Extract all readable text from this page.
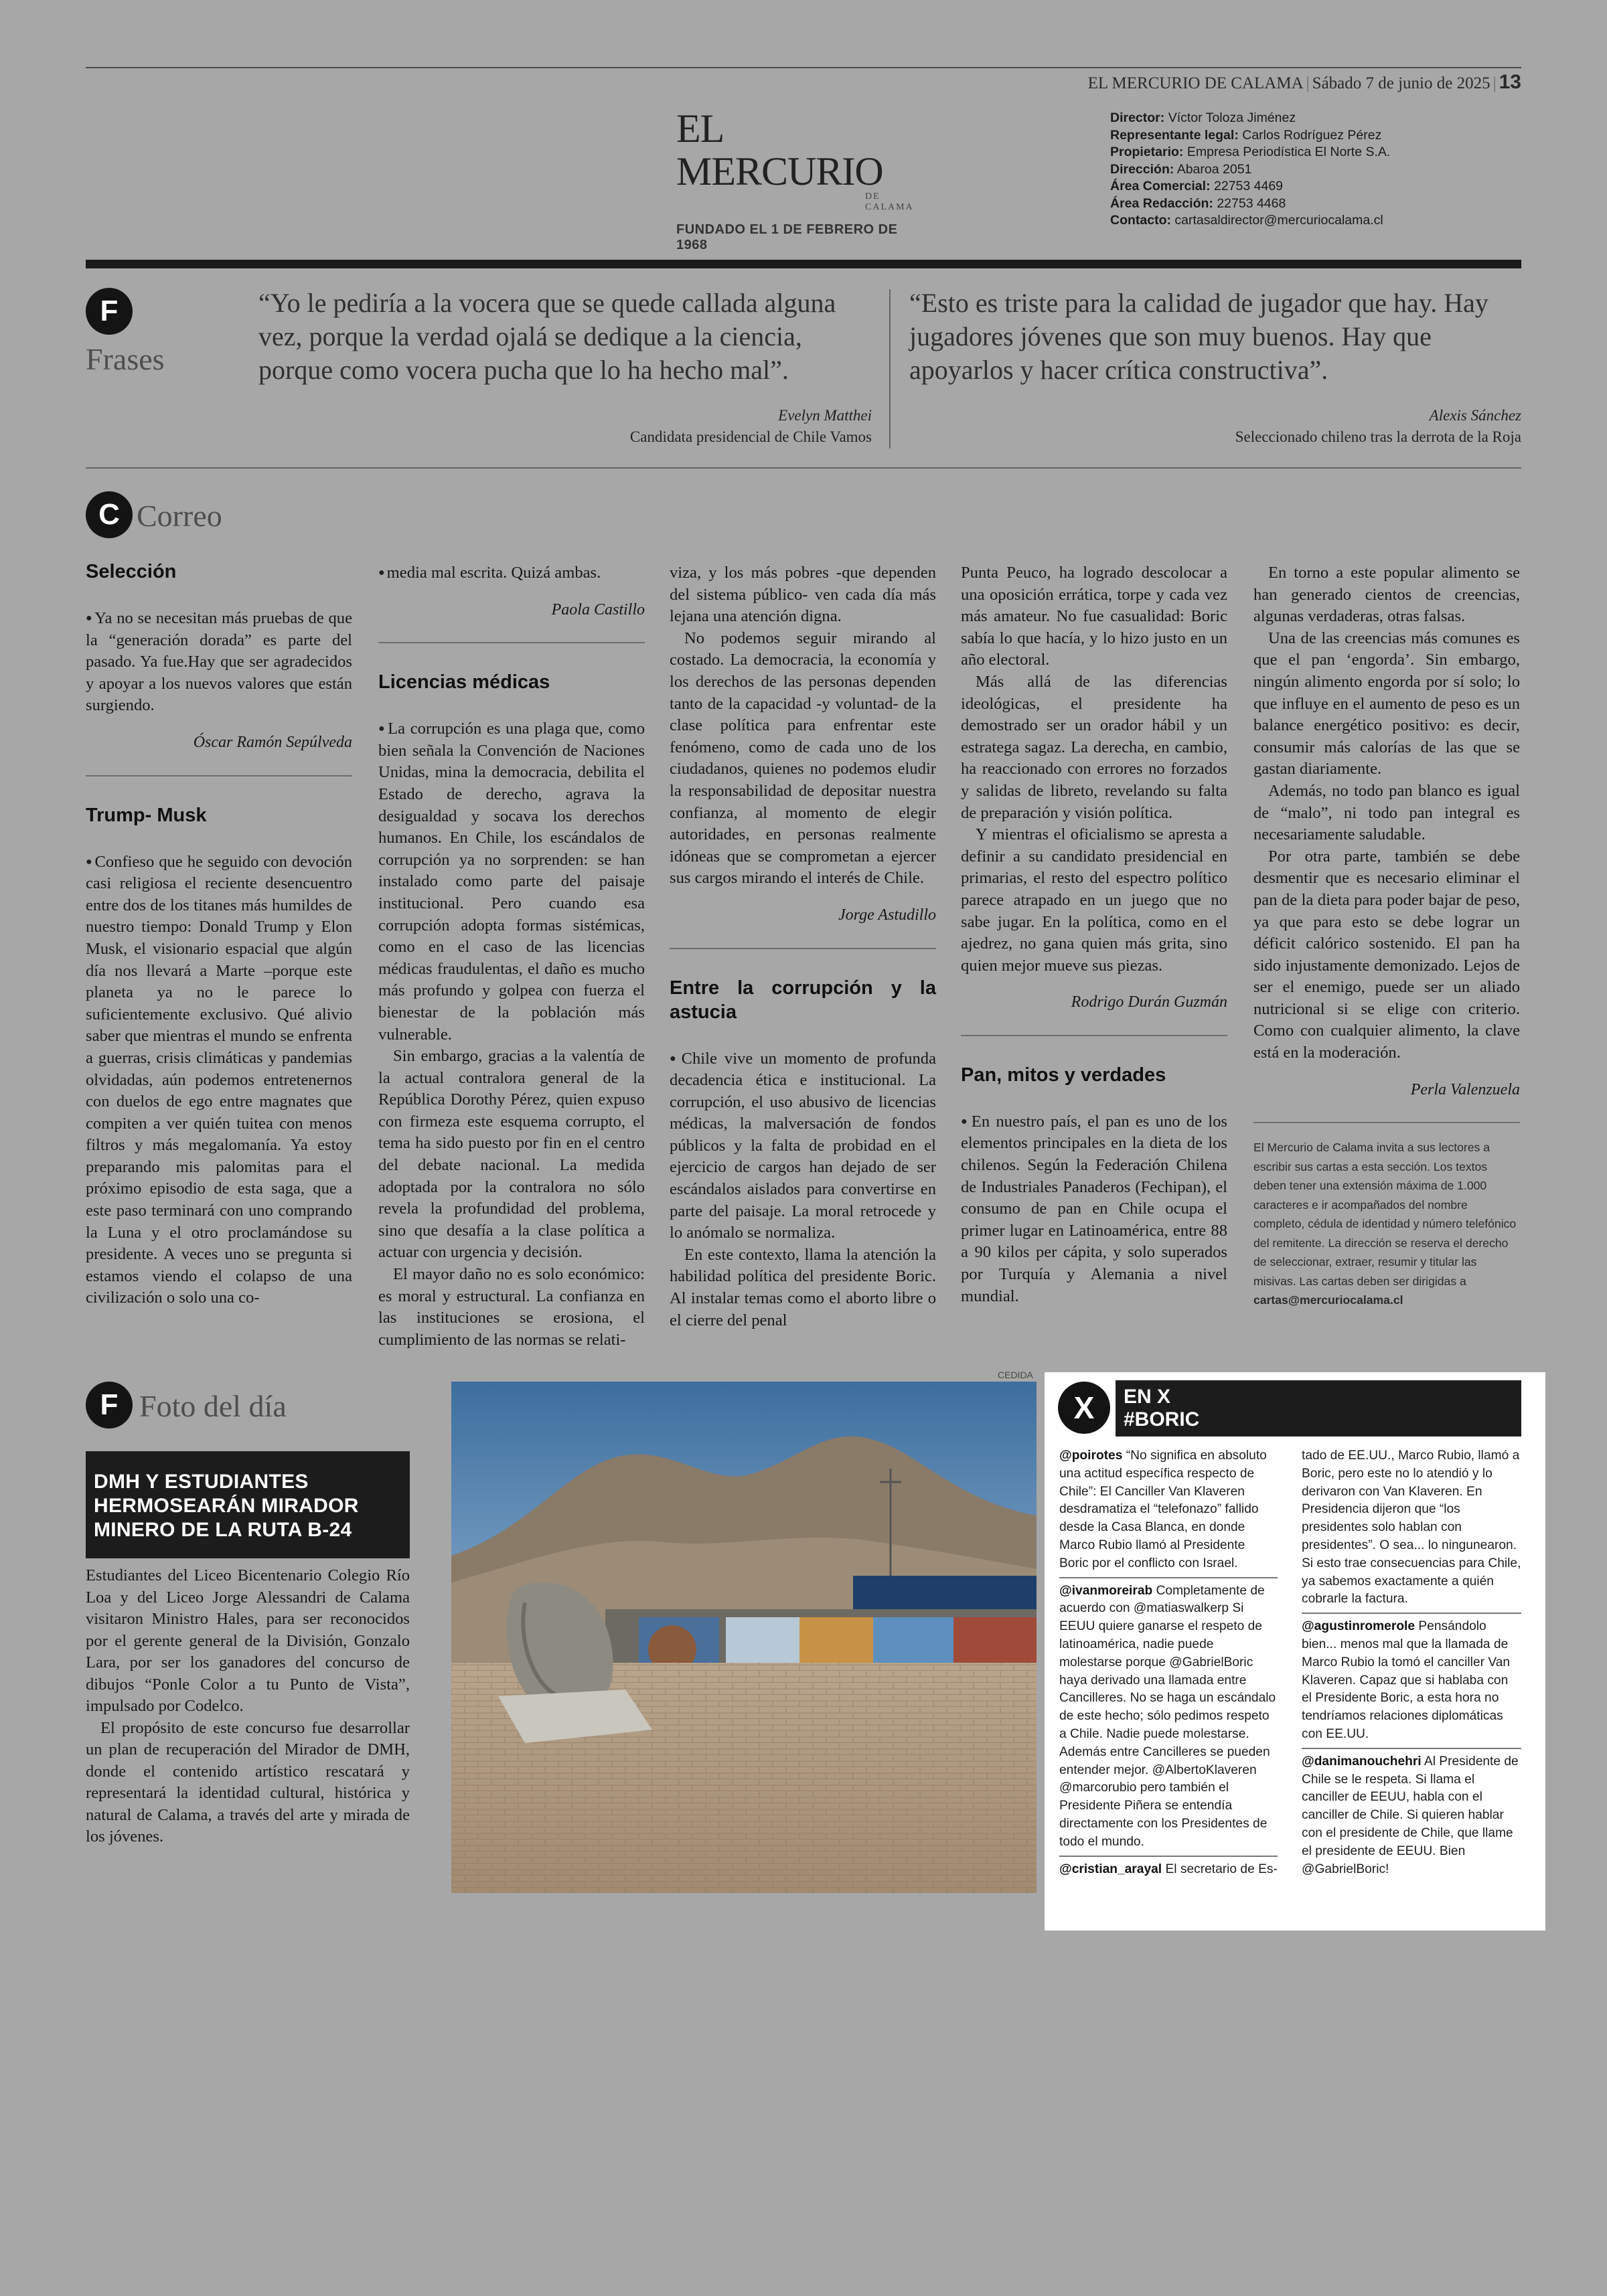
EL MERCURIO DE CALAMA | Sábado 7 de junio de 2025 | 13
EL MERCURIO
DE CALAMA
FUNDADO EL 1 DE FEBRERO DE 1968
Director: Víctor Toloza Jiménez
Representante legal: Carlos Rodríguez Pérez
Propietario: Empresa Periodística El Norte S.A.
Dirección: Abaroa 2051
Área Comercial: 22753 4469
Área Redacción: 22753 4468
Contacto: cartasaldirector@mercuriocalama.cl
F
Frases
“Yo le pediría a la vocera que se quede callada alguna vez, porque la verdad ojalá se dedique a la ciencia, porque como vocera pucha que lo ha hecho mal”.
Evelyn Matthei
Candidata presidencial de Chile Vamos
“Esto es triste para la calidad de jugador que hay. Hay jugadores jóvenes que son muy buenos. Hay que apoyarlos y hacer crítica constructiva”.
Alexis Sánchez
Seleccionado chileno tras la derrota de la Roja
C Correo
Selección

● Ya no se necesitan más pruebas de que la “generación dorada” es parte del pasado. Ya fue.Hay que ser agradecidos y apoyar a los nuevos valores que están surgiendo.

Óscar Ramón Sepúlveda
Trump- Musk

● Confieso que he seguido con devoción casi religiosa el reciente desencuentro entre dos de los titanes más humildes de nuestro tiempo: Donald Trump y Elon Musk, el visionario espacial que algún día nos llevará a Marte –porque este planeta ya no le parece lo suficientemente exclusivo. Qué alivio saber que mientras el mundo se enfrenta a guerras, crisis climáticas y pandemias olvidadas, aún podemos entretenernos con duelos de ego entre magnates que compiten a ver quién tuitea con menos filtros y más megalomanía. Ya estoy preparando mis palomitas para el próximo episodio de esta saga, que a este paso terminará con uno comprando la Luna y el otro proclamándose su presidente. A veces uno se pregunta si estamos viendo el colapso de una civilización o solo una co-

● media mal escrita. Quizá ambas.

Paola Castillo
Licencias médicas

● La corrupción es una plaga que, como bien señala la Convención de Naciones Unidas, mina la democracia, debilita el Estado de derecho, agrava la desigualdad y socava los derechos humanos. En Chile, los escándalos de corrupción ya no sorprenden: se han instalado como parte del paisaje institucional. Pero cuando esa corrupción adopta formas sistémicas, como en el caso de las licencias médicas fraudulentas, el daño es mucho más profundo y golpea con fuerza el bienestar de la población más vulnerable.

Sin embargo, gracias a la valentía de la actual contralora general de la República Dorothy Pérez, quien expuso con firmeza este esquema corrupto, el tema ha sido puesto por fin en el centro del debate nacional. La medida adoptada por la contralora no sólo revela la profundidad del problema, sino que desafía a la clase política a actuar con urgencia y decisión.

El mayor daño no es solo económico: es moral y estructural. La confianza en las instituciones se erosiona, el cumplimiento de las normas se relati-

viza, y los más pobres -que dependen del sistema público- ven cada día más lejana una atención digna.

No podemos seguir mirando al costado. La democracia, la economía y los derechos de las personas dependen tanto de la capacidad -y voluntad- de la clase política para enfrentar este fenómeno, como de cada uno de los ciudadanos, quienes no podemos eludir la responsabilidad de depositar nuestra confianza, al momento de elegir autoridades, en personas realmente idóneas que se comprometan a ejercer sus cargos mirando el interés de Chile.

Jorge Astudillo
Entre la corrupción y la astucia

● Chile vive un momento de profunda decadencia ética e institucional. La corrupción, el uso abusivo de licencias médicas, la malversación de fondos públicos y la falta de probidad en el ejercicio de cargos han dejado de ser escándalos aislados para convertirse en parte del paisaje. La moral retrocede y lo anómalo se normaliza.

En este contexto, llama la atención la habilidad política del presidente Boric. Al instalar temas como el aborto libre o el cierre del penal

Punta Peuco, ha logrado descolocar a una oposición errática, torpe y cada vez más amateur. No fue casualidad: Boric sabía lo que hacía, y lo hizo justo en un año electoral.

Más allá de las diferencias ideológicas, el presidente ha demostrado ser un orador hábil y un estratega sagaz. La derecha, en cambio, ha reaccionado con errores no forzados y salidas de libreto, revelando su falta de preparación y visión política.

Y mientras el oficialismo se apresta a definir a su candidato presidencial en primarias, el resto del espectro político parece atrapado en un juego que no sabe jugar. En la política, como en el ajedrez, no gana quien más grita, sino quien mejor mueve sus piezas.

Rodrigo Durán Guzmán
Pan, mitos y verdades

● En nuestro país, el pan es uno de los elementos principales en la dieta de los chilenos. Según la Federación Chilena de Industriales Panaderos (Fechipan), el consumo de pan en Chile ocupa el primer lugar en Latinoamérica, entre 88 a 90 kilos per cápita, y solo superados por Turquía y Alemania a nivel mundial.

En torno a este popular alimento se han generado cientos de creencias, algunas verdaderas, otras falsas.

Una de las creencias más comunes es que el pan ‘engorda’. Sin embargo, ningún alimento engorda por sí solo; lo que influye en el aumento de peso es un balance energético positivo: es decir, consumir más calorías de las que se gastan diariamente.

Además, no todo pan blanco es igual de “malo”, ni todo pan integral es necesariamente saludable.

Por otra parte, también se debe desmentir que es necesario eliminar el pan de la dieta para poder bajar de peso, ya que para esto se debe lograr un déficit calórico sostenido. El pan ha sido injustamente demonizado. Lejos de ser el enemigo, puede ser un aliado nutricional si se elige con criterio. Como con cualquier alimento, la clave está en la moderación.

Perla Valenzuela
El Mercurio de Calama invita a sus lectores a escribir sus cartas a esta sección. Los textos deben tener una extensión máxima de 1.000 caracteres e ir acompañados del nombre completo, cédula de identidad y número telefónico del remitente. La dirección se reserva el derecho de seleccionar, extraer, resumir y titular las misivas. Las cartas deben ser dirigidas a cartas@mercuriocalama.cl
F Foto del día
DMH Y ESTUDIANTES HERMOSEARÁN MIRADOR MINERO DE LA RUTA B-24

Estudiantes del Liceo Bicentenario Colegio Río Loa y del Liceo Jorge Alessandri de Calama visitaron Ministro Hales, para ser reconocidos por el gerente general de la División, Gonzalo Lara, por ser los ganadores del concurso de dibujos “Ponle Color a tu Punto de Vista”, impulsado por Codelco.

El propósito de este concurso fue desarrollar un plan de recuperación del Mirador de DMH, donde el contenido artístico rescatará y representará la identidad cultural, histórica y natural de Calama, a través del arte y mirada de los jóvenes.

CEDIDA
X	EN X
#BORIC
@poirotes “No significa en absoluto una actitud específica respecto de Chile”: El Canciller Van Klaveren desdramatiza el “telefonazo” fallido desde la Casa Blanca, en donde Marco Rubio llamó al Presidente Boric por el conflicto con Israel.
@ivanmoreirab Completamente de acuerdo con @matiaswalkerp Si EEUU quiere ganarse el respeto de latinoamérica, nadie puede molestarse porque @GabrielBoric haya derivado una llamada entre Cancilleres. No se haga un escándalo de este hecho; sólo pedimos respeto a Chile. Nadie puede molestarse. Además entre Cancilleres se pueden entender mejor. @AlbertoKlaveren @marcorubio pero también el Presidente Piñera se entendía directamente con los Presidentes de todo el mundo.
@cristian_arayal El secretario de Es-
tado de EE.UU., Marco Rubio, llamó a Boric, pero este no lo atendió y lo derivaron con Van Klaveren. En Presidencia dijeron que “los presidentes solo hablan con presidentes”. O sea... lo ningunearon. Si esto trae consecuencias para Chile, ya sabemos exactamente a quién cobrarle la factura.
@agustinromerole Pensándolo bien... menos mal que la llamada de Marco Rubio la tomó el canciller Van Klaveren. Capaz que si hablaba con el Presidente Boric, a esta hora no tendríamos relaciones diplomáticas con EE.UU.
@danimanouchehri Al Presidente de Chile se le respeta. Si llama el canciller de EEUU, habla con el canciller de Chile. Si quieren hablar con el presidente de Chile, que llame el presidente de EEUU. Bien @GabrielBoric!
